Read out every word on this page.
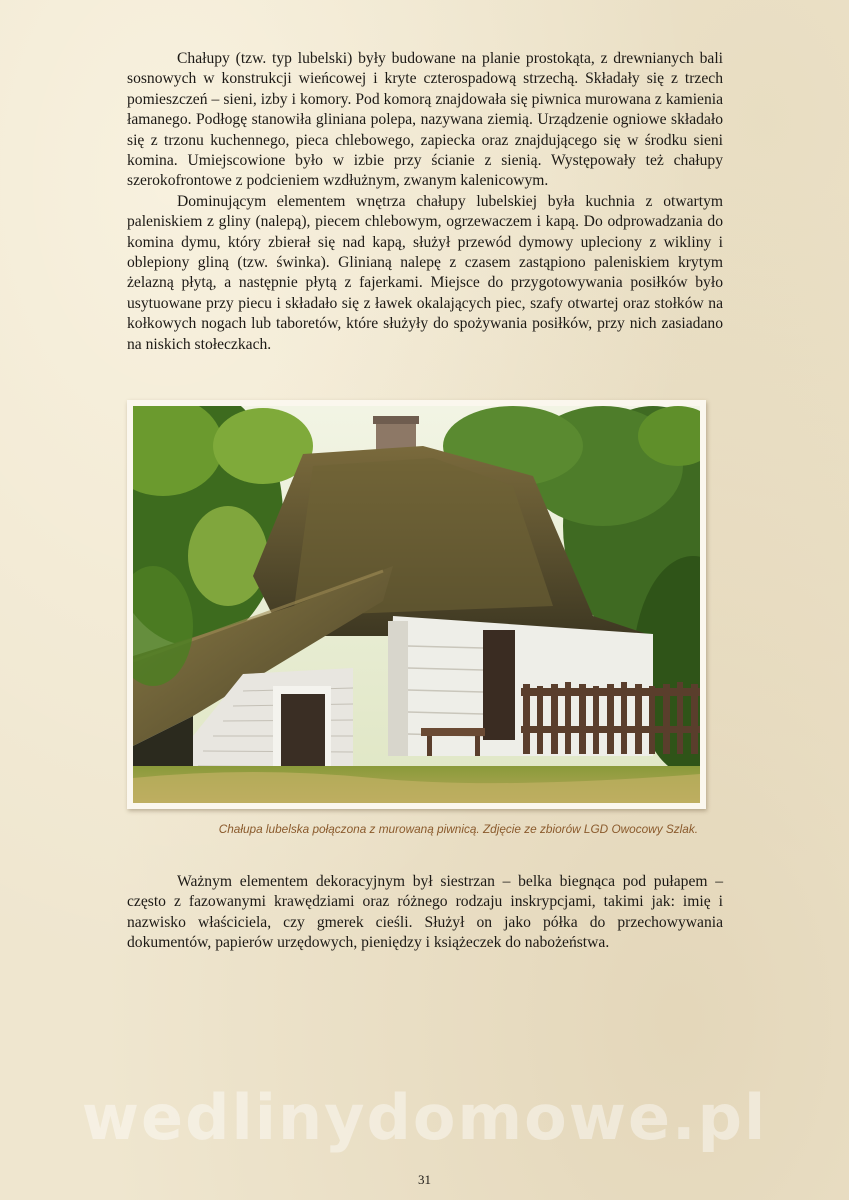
Chałupy (tzw. typ lubelski) były budowane na planie prostokąta, z drewnianych bali sosnowych w konstrukcji wieńcowej i kryte czterospadową strzechą. Składały się z trzech pomieszczeń – sieni, izby i komory. Pod komorą znajdowała się piwnica murowana z kamienia łamanego. Podłogę stanowiła gliniana polepa, nazywana ziemią. Urządzenie ogniowe składało się z trzonu kuchennego, pieca chlebowego, zapiecka oraz znajdującego się w środku sieni komina. Umiejscowione było w izbie przy ścianie z sienią. Występowały też chałupy szerokofrontowe z podcieniem wzdłużnym, zwanym kalenicowym.

Dominującym elementem wnętrza chałupy lubelskiej była kuchnia z otwartym paleniskiem z gliny (nalepą), piecem chlebowym, ogrzewaczem i kapą. Do odprowadzania do komina dymu, który zbierał się nad kapą, służył przewód dymowy upleciony z wikliny i oblepiony gliną (tzw. świnka). Glinianą nalepę z czasem zastąpiono paleniskiem krytym żelazną płytą, a następnie płytą z fajerkami. Miejsce do przygotowywania posiłków było usytuowane przy piecu i składało się z ławek okalających piec, szafy otwartej oraz stołków na kołkowych nogach lub taboretów, które służyły do spożywania posiłków, przy nich zasiadano na niskich stołeczkach.

Chałupa lubelska połączona z murowaną piwnicą. Zdjęcie ze zbiorów LGD Owocowy Szlak.

Ważnym elementem dekoracyjnym był siestrzan – belka biegnąca pod pułapem – często z fazowanymi krawędziami oraz różnego rodzaju inskrypcjami, takimi jak: imię i nazwisko właściciela, czy gmerek cieśli. Służył on jako półka do przechowywania dokumentów, papierów urzędowych, pieniędzy i książeczek do nabożeństwa.

wedlinydomowe.pl
31
